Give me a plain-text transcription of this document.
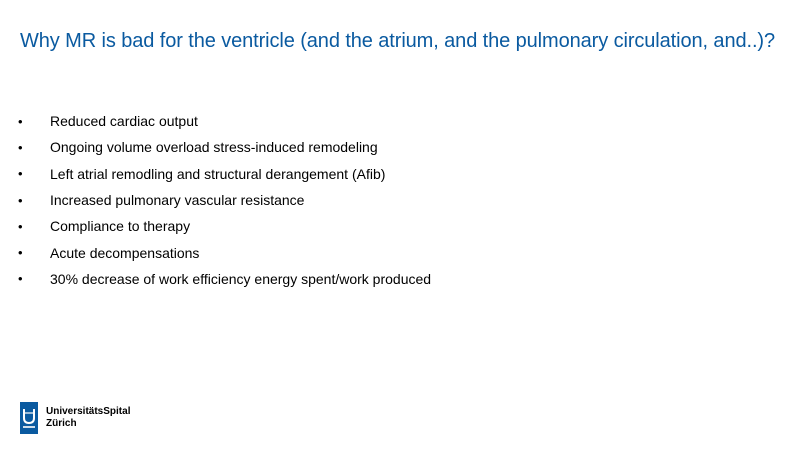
Why MR is bad for the ventricle (and the atrium, and the pulmonary circulation, and..)?
•	Reduced cardiac output
•	Ongoing volume overload stress-induced remodeling
•	Left atrial remodling and structural derangement (Afib)
•	Increased pulmonary vascular resistance
•	Compliance to therapy
•	Acute decompensations
•	30% decrease of work efficiency energy spent/work produced
UniversitätsSpital
Zürich
